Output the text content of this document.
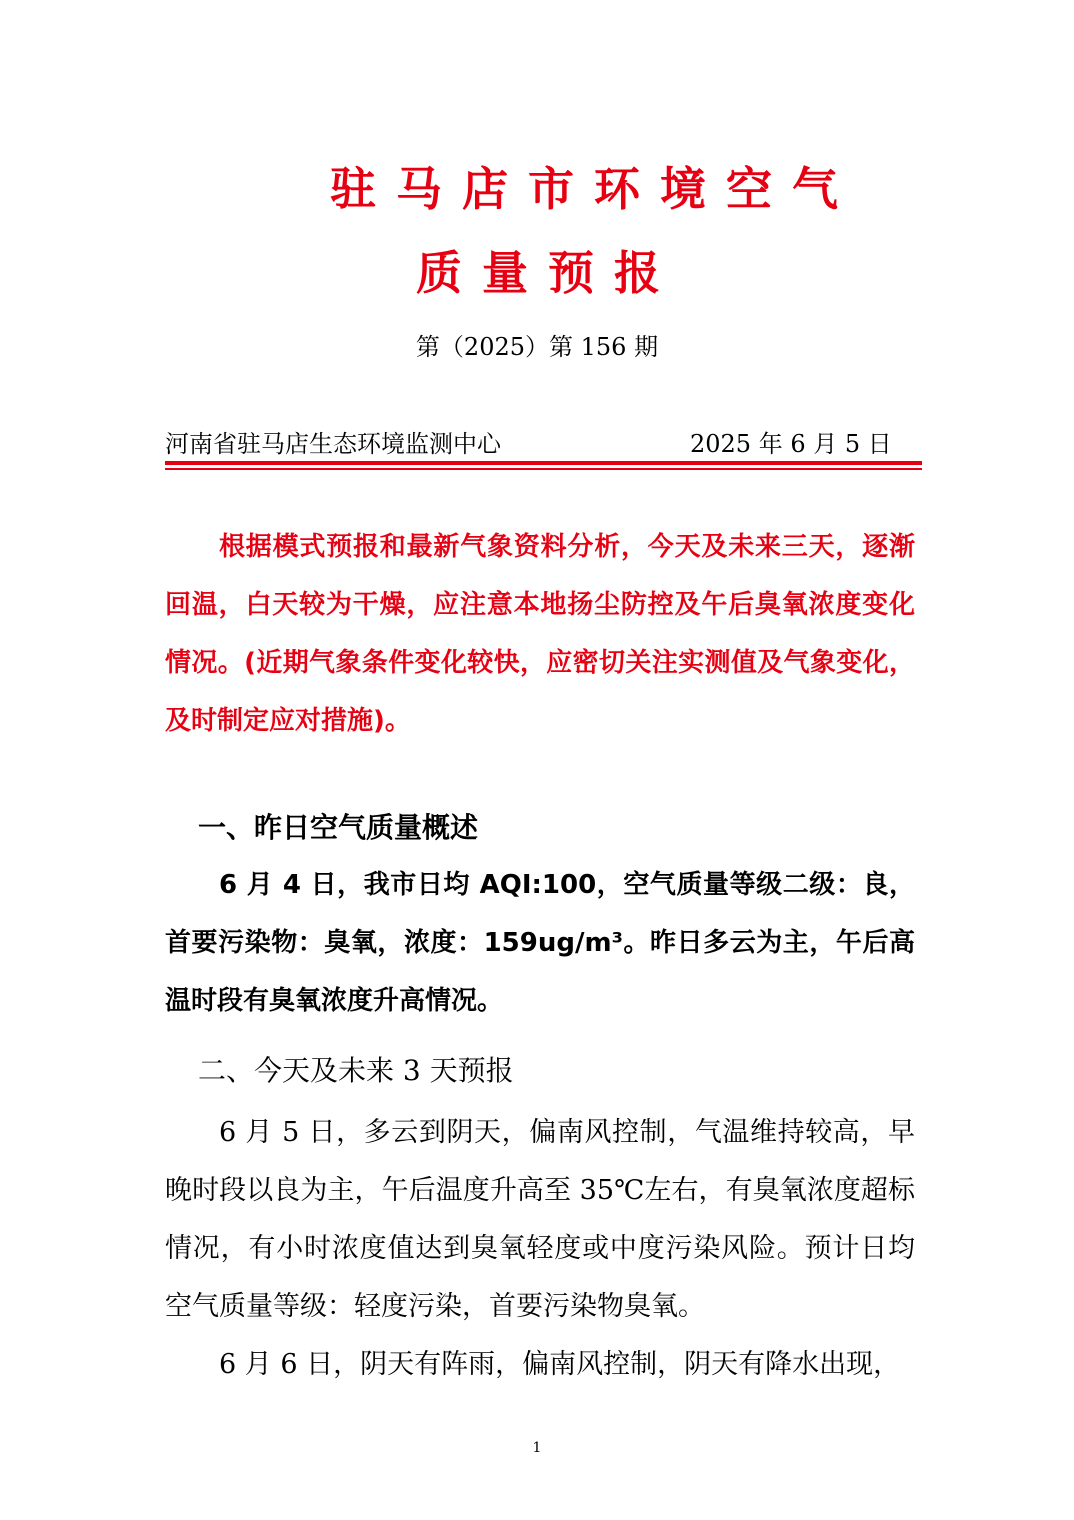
驻马店市环境空气
质量预报
第（2025）第 156 期
河南省驻马店生态环境监测中心	2025 年 6 月 5 日

根据模式预报和最新气象资料分析，今天及未来三天，逐渐回温，白天较为干燥，应注意本地扬尘防控及午后臭氧浓度变化情况。(近期气象条件变化较快，应密切关注实测值及气象变化，及时制定应对措施)。

一、昨日空气质量概述

6 月 4 日，我市日均 AQI:100，空气质量等级二级：良，首要污染物：臭氧，浓度：159ug/m³。昨日多云为主，午后高温时段有臭氧浓度升高情况。

二、今天及未来 3 天预报

6 月 5 日，多云到阴天，偏南风控制，气温维持较高，早晚时段以良为主，午后温度升高至 35℃左右，有臭氧浓度超标情况，有小时浓度值达到臭氧轻度或中度污染风险。预计日均空气质量等级：轻度污染，首要污染物臭氧。

6 月 6 日，阴天有阵雨，偏南风控制，阴天有降水出现，

1
